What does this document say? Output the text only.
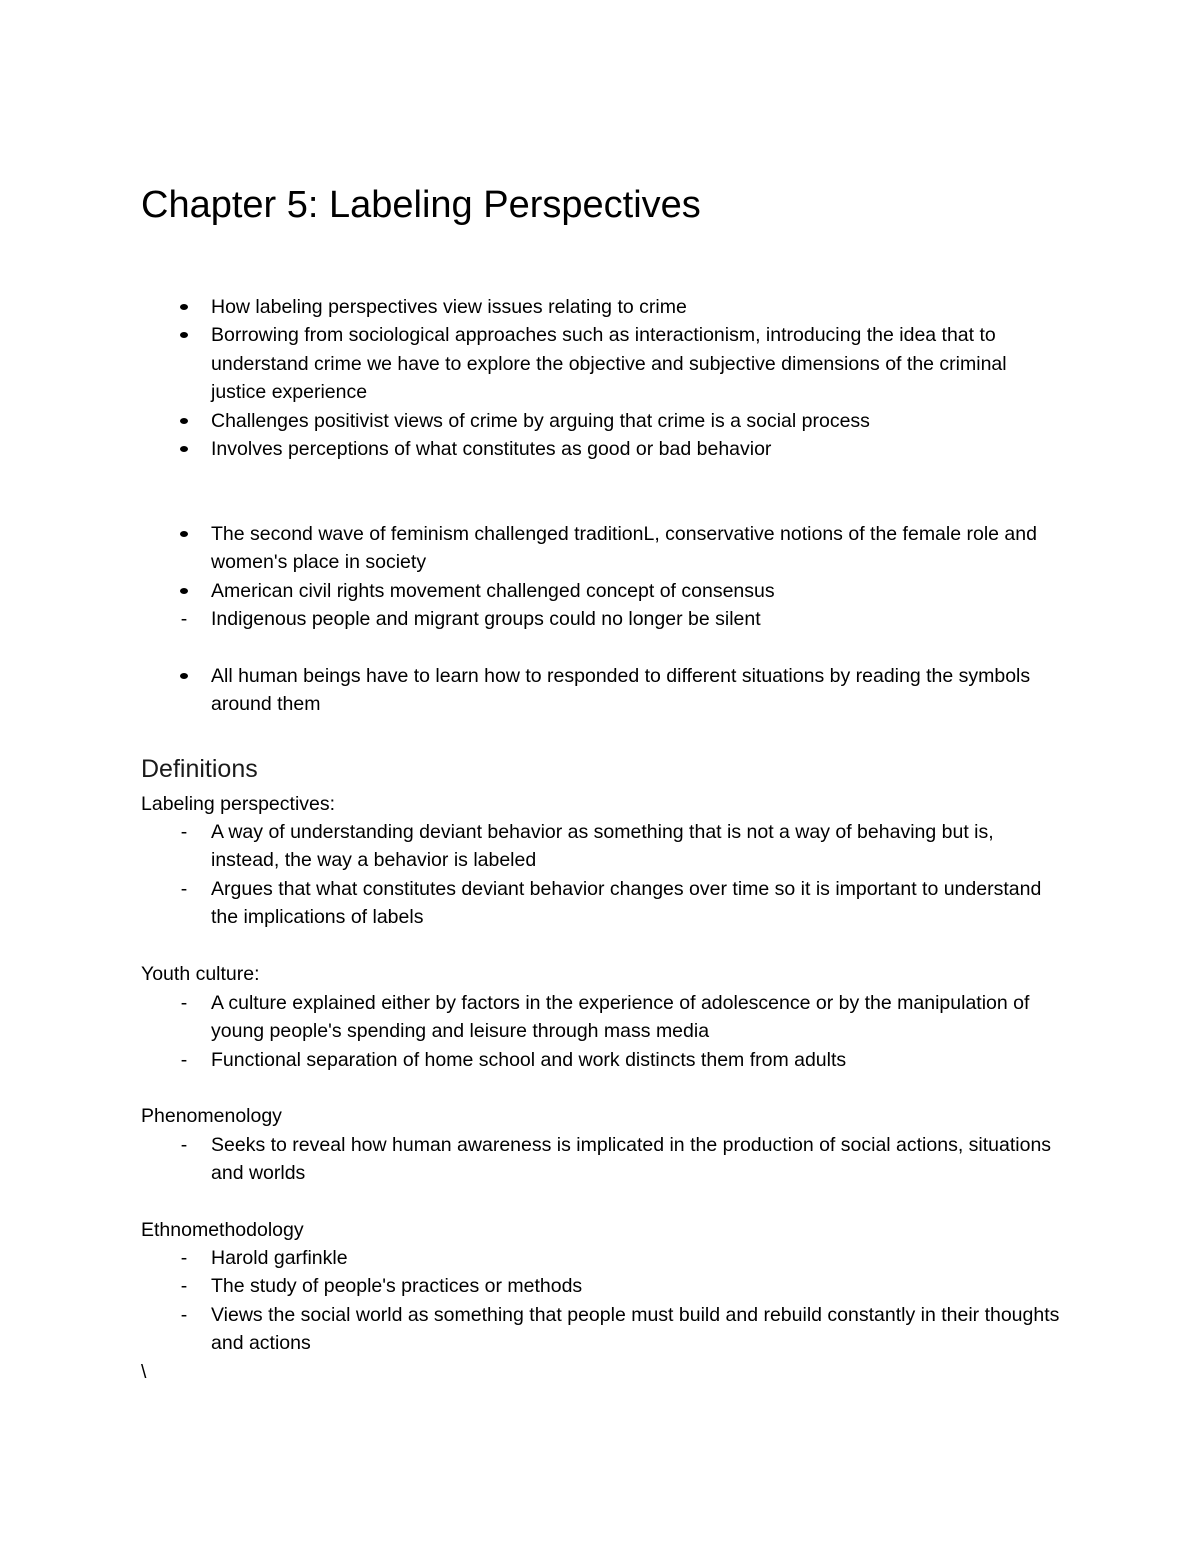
Chapter 5: Labeling Perspectives
How labeling perspectives view issues relating to crime
Borrowing from sociological approaches such as interactionism, introducing the idea that to understand crime we have to explore the objective and subjective dimensions of the criminal justice experience
Challenges positivist views of crime by arguing that crime is a social process
Involves perceptions of what constitutes as good or bad behavior
The second wave of feminism challenged traditionL, conservative notions of the female role and women's place in society
American civil rights movement challenged concept of consensus
- Indigenous people and migrant groups could no longer be silent
All human beings have to learn how to responded to different situations by reading the symbols around them
Definitions
Labeling perspectives:
- A way of understanding deviant behavior as something that is not a way of behaving but is, instead, the way a behavior is labeled
- Argues that what constitutes deviant behavior changes over time so it is important to understand the implications of labels
Youth culture:
- A culture explained either by factors in the experience of adolescence or by the manipulation of young people's spending and leisure through mass media
- Functional separation of home school and work distincts them from adults
Phenomenology
- Seeks to reveal how human awareness is implicated in the production of social actions, situations and worlds
Ethnomethodology
- Harold garfinkle
- The study of people's practices or methods
- Views the social world as something that people must build and rebuild constantly in their thoughts and actions
\
